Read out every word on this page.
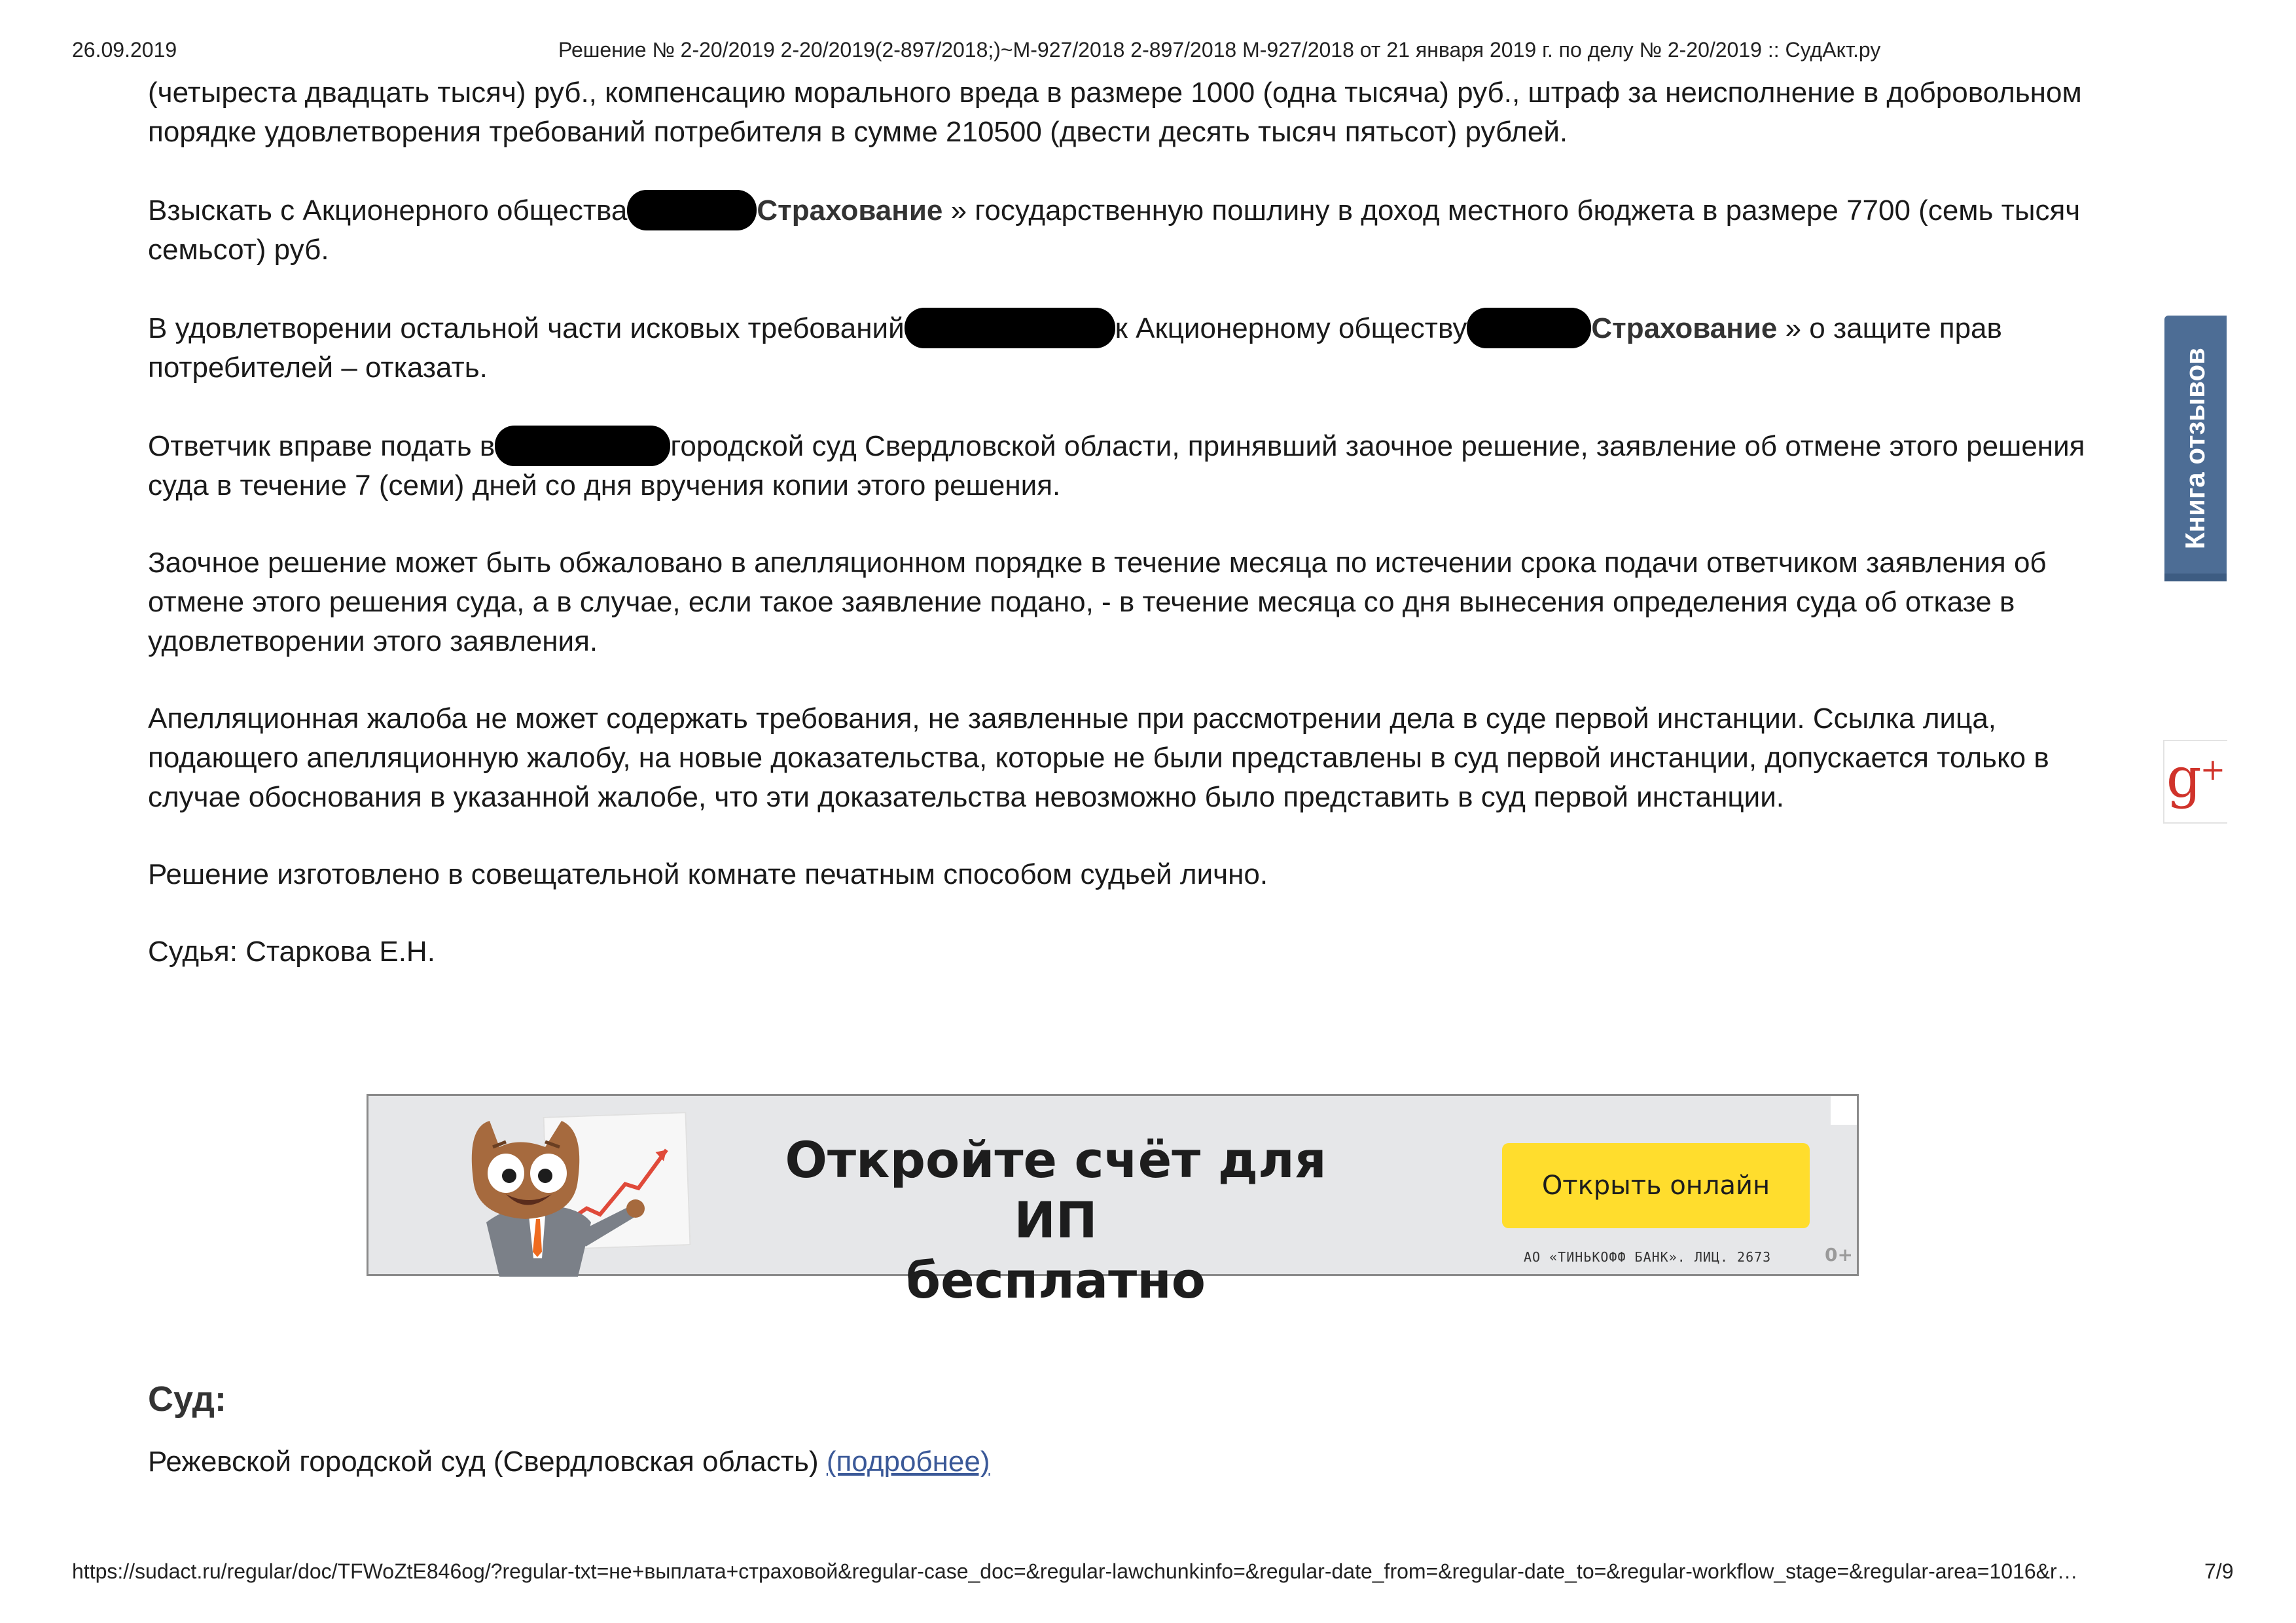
26.09.2019	Решение № 2-20/2019 2-20/2019(2-897/2018;)~М-927/2018 2-897/2018 М-927/2018 от 21 января 2019 г. по делу № 2-20/2019 :: СудАкт.ру

(четыреста двадцать тысяч) руб., компенсацию морального вреда в размере 1000 (одна тысяча) руб., штраф за неисполнение в добровольном порядке удовлетворения требований потребителя в сумме 210500 (двести десять тысяч пятьсот) рублей.

Взыскать с Акционерного общества	Страхование » государственную пошлину в доход местного бюджета в размере 7700 (семь тысяч семьсот) руб.

В удовлетворении остальной части исковых требований	к Акционерному обществу	Страхование » о защите прав потребителей – отказать.

Ответчик вправе подать в	городской суд Свердловской области, принявший заочное решение, заявление об отмене этого решения суда в течение 7 (семи) дней со дня вручения копии этого решения.

Заочное решение может быть обжаловано в апелляционном порядке в течение месяца по истечении срока подачи ответчиком заявления об отмене этого решения суда, а в случае, если такое заявление подано, - в течение месяца со дня вынесения определения суда об отказе в удовлетворении этого заявления.

Апелляционная жалоба не может содержать требования, не заявленные при рассмотрении дела в суде первой инстанции. Ссылка лица, подающего апелляционную жалобу, на новые доказательства, которые не были представлены в суд первой инстанции, допускается только в случае обоснования в указанной жалобе, что эти доказательства невозможно было представить в суд первой инстанции.

Решение изготовлено в совещательной комнате печатным способом судьей лично.

Судья: Старкова Е.Н.

Откройте счёт для ИП
бесплатно
Открыть онлайн
АО «ТИНЬКОФФ БАНК». ЛИЦ. 2673	0+
Суд:
Режевской городской суд (Свердловская область) (подробнее)
Книга отзывов
g+
https://sudact.ru/regular/doc/TFWoZtE846og/?regular-txt=не+выплата+страховой&regular-case_doc=&regular-lawchunkinfo=&regular-date_from=&regular-date_to=&regular-workflow_stage=&regular-area=1016&r…	7/9
